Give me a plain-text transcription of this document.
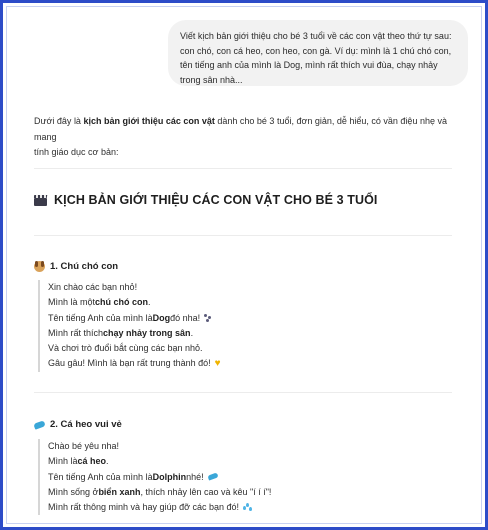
Viết kịch bản giới thiệu cho bé 3 tuổi về các con vật theo thứ tự sau:
con chó, con cá heo, con heo, con gà. Ví dụ: mình là 1 chú chó con,
tên tiếng anh của mình là Dog, mình rất thích vui đùa, chạy nhảy
trong sân nhà...
Dưới đây là kịch bản giới thiệu các con vật dành cho bé 3 tuổi, đơn giản, dễ hiểu, có vần điệu nhẹ và mang
tính giáo dục cơ bản:
KỊCH BẢN GIỚI THIỆU CÁC CON VẬT CHO BÉ 3 TUỔI
1. Chú chó con
Xin chào các bạn nhỏ!
Mình là một chú chó con .
Tên tiếng Anh của mình là Dog đó nha!
Mình rất thích chạy nhảy trong sân .
Và chơi trò đuổi bắt cùng các bạn nhỏ.
Gâu gâu! Mình là bạn rất trung thành đó! ♥
2. Cá heo vui vẻ
Chào bé yêu nha!
Mình là cá heo .
Tên tiếng Anh của mình là Dolphin nhé!
Mình sống ở biển xanh , thích nhảy lên cao và kêu "í í í"!
Mình rất thông minh và hay giúp đỡ các bạn đó!
